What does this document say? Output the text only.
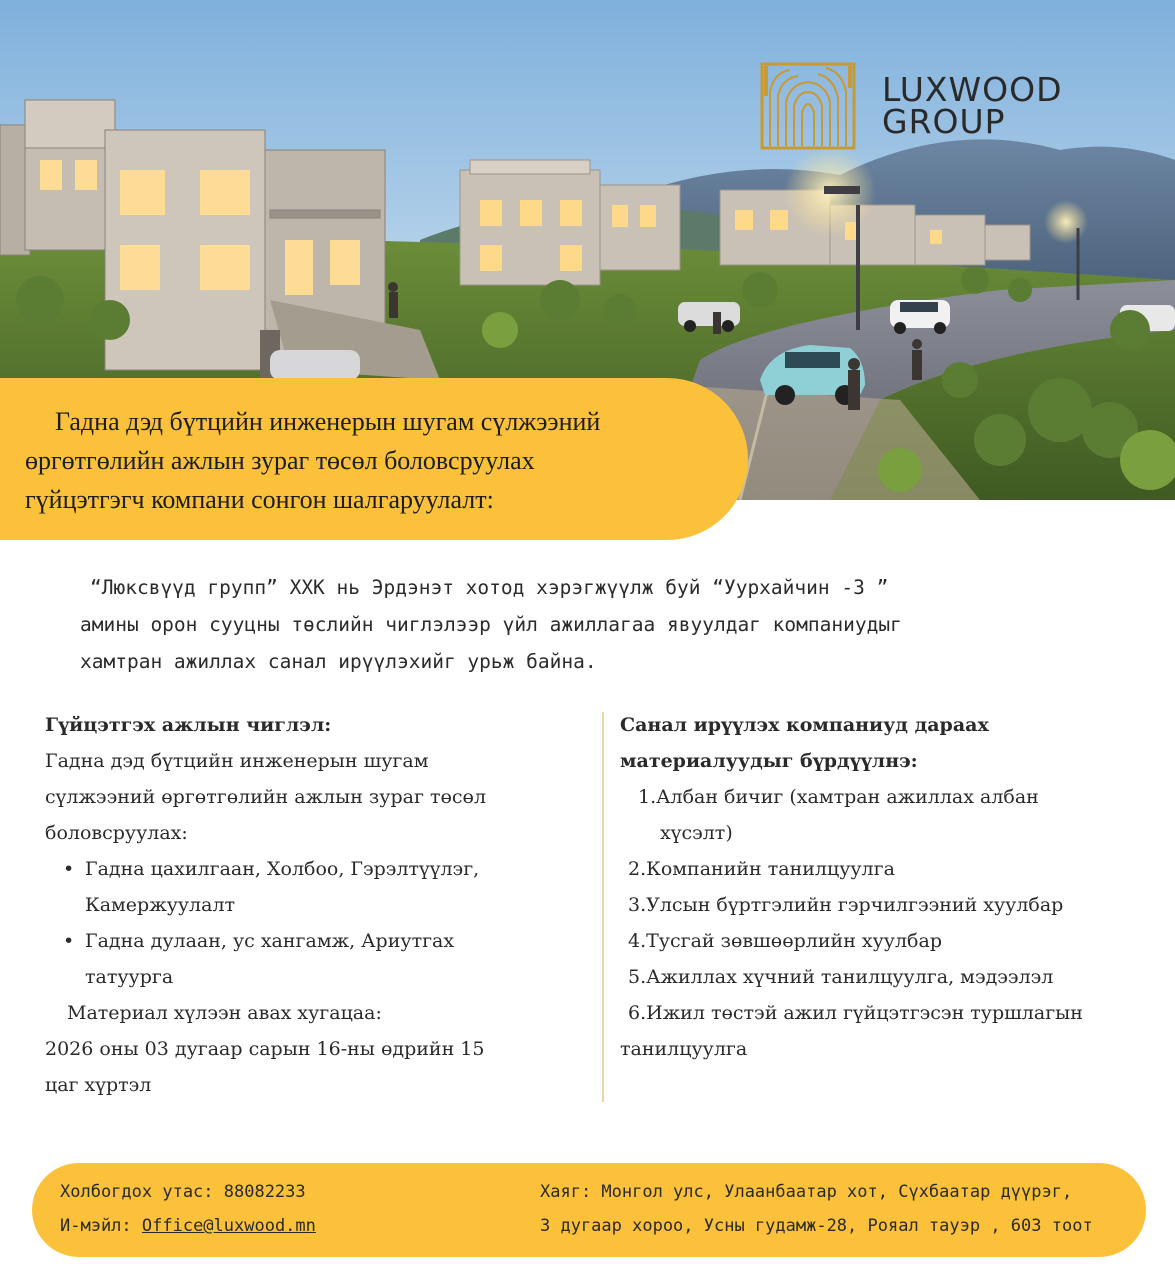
LUXWOOD
GROUP
Гадна дэд бүтцийн инженерын шугам сүлжээний
өргөтгөлийн ажлын зураг төсөл боловсруулах
гүйцэтгэгч компани сонгон шалгаруулалт:
“Люксвүүд групп” ХХК нь Эрдэнэт хотод хэрэгжүүлж буй “Уурхайчин -3 ”
амины орон сууцны төслийн чиглэлээр үйл ажиллагаа явуулдаг компаниудыг
хамтран ажиллах санал ирүүлэхийг урьж байна.
Гүйцэтгэх ажлын чиглэл:
Гадна дэд бүтцийн инженерын шугам
сүлжээний өргөтгөлийн ажлын зураг төсөл
боловсруулах:
• Гадна цахилгаан, Холбоо, Гэрэлтүүлэг,
Камержуулалт
• Гадна дулаан, ус хангамж, Ариутгах
татуурга
Материал хүлээн авах хугацаа:
2026 оны 03 дугаар сарын 16-ны өдрийн 15
цаг хүртэл
Санал ирүүлэх компаниуд дараах
материалуудыг бүрдүүлнэ:
1.Албан бичиг (хамтран ажиллах албан
хүсэлт)
2.Компанийн танилцуулга
3.Улсын бүртгэлийн гэрчилгээний хуулбар
4.Тусгай зөвшөөрлийн хуулбар
5.Ажиллах хүчний танилцуулга, мэдээлэл
6.Ижил төстэй ажил гүйцэтгэсэн туршлагын
танилцуулга
Холбогдох утас: 88082233
И-мэйл: Office@luxwood.mn
Хаяг: Монгол улс, Улаанбаатар хот, Сүхбаатар дүүрэг,
3 дугаар хороо, Усны гудамж-28, Рояал тауэр , 603 тоот
